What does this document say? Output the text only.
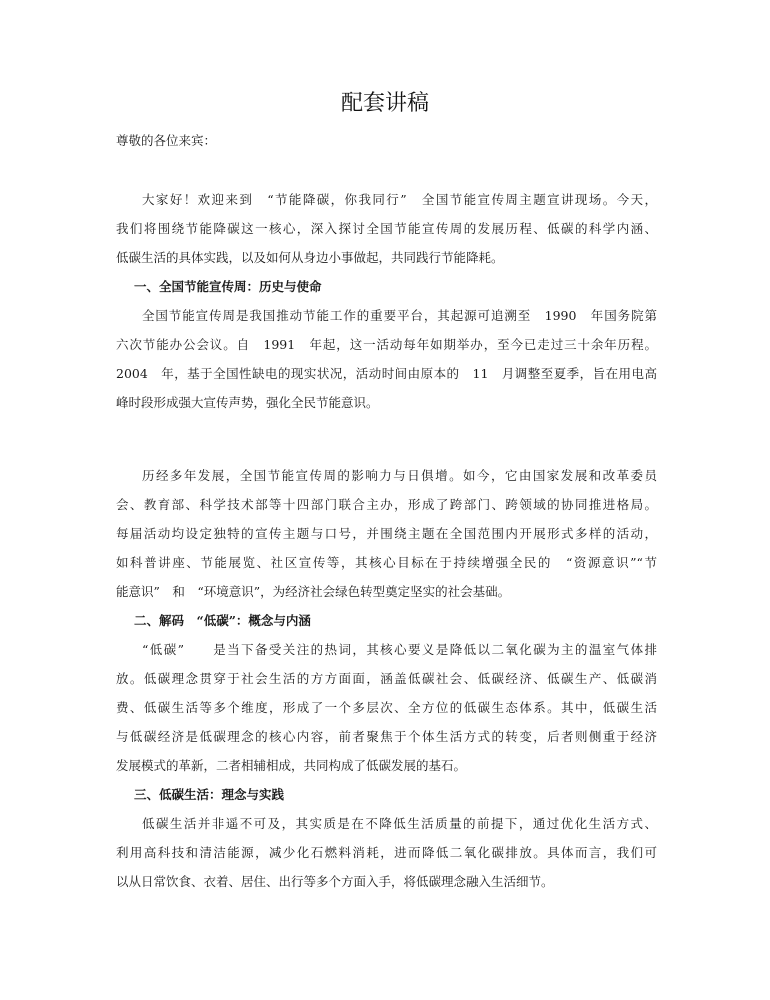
配套讲稿
尊敬的各位来宾：
大家好！欢迎来到　“节能降碳，你我同行”　全国节能宣传周主题宣讲现场。今天，
我们将围绕节能降碳这一核心，深入探讨全国节能宣传周的发展历程、低碳的科学内涵、
低碳生活的具体实践，以及如何从身边小事做起，共同践行节能降耗。
一、全国节能宣传周：历史与使命
全国节能宣传周是我国推动节能工作的重要平台，其起源可追溯至　1990　年国务院第
六次节能办公会议。自　1991　年起，这一活动每年如期举办，至今已走过三十余年历程。
2004　年，基于全国性缺电的现实状况，活动时间由原本的　11　月调整至夏季，旨在用电高
峰时段形成强大宣传声势，强化全民节能意识。
历经多年发展，全国节能宣传周的影响力与日俱增。如今，它由国家发展和改革委员
会、教育部、科学技术部等十四部门联合主办，形成了跨部门、跨领域的协同推进格局。
每届活动均设定独特的宣传主题与口号，并围绕主题在全国范围内开展形式多样的活动，
如科普讲座、节能展览、社区宣传等，其核心目标在于持续增强全民的　“资源意识”“节
能意识”　和　“环境意识”，为经济社会绿色转型奠定坚实的社会基础。
二、解码　“低碳”：概念与内涵
“低碳”　　是当下备受关注的热词，其核心要义是降低以二氧化碳为主的温室气体排
放。低碳理念贯穿于社会生活的方方面面，涵盖低碳社会、低碳经济、低碳生产、低碳消
费、低碳生活等多个维度，形成了一个多层次、全方位的低碳生态体系。其中，低碳生活
与低碳经济是低碳理念的核心内容，前者聚焦于个体生活方式的转变，后者则侧重于经济
发展模式的革新，二者相辅相成，共同构成了低碳发展的基石。
三、低碳生活：理念与实践
低碳生活并非遥不可及，其实质是在不降低生活质量的前提下，通过优化生活方式、
利用高科技和清洁能源，减少化石燃料消耗，进而降低二氧化碳排放。具体而言，我们可
以从日常饮食、衣着、居住、出行等多个方面入手，将低碳理念融入生活细节。
